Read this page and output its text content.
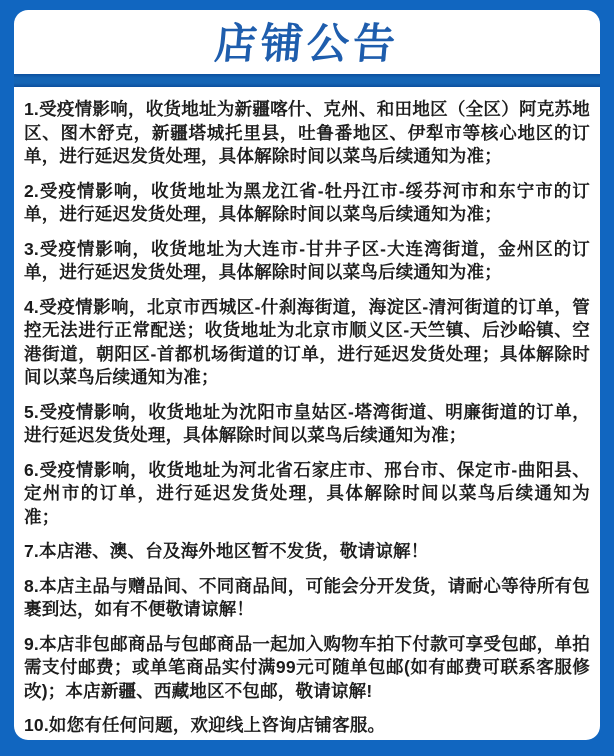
店铺公告

1.受疫情影响，收货地址为新疆喀什、克州、和田地区（全区）阿克苏地区、图木舒克，新疆塔城托里县，吐鲁番地区、伊犁市等核心地区的订单，进行延迟发货处理，具体解除时间以菜鸟后续通知为准；

2.受疫情影响，收货地址为黑龙江省-牡丹江市-绥芬河市和东宁市的订单，进行延迟发货处理，具体解除时间以菜鸟后续通知为准；

3.受疫情影响，收货地址为大连市-甘井子区-大连湾街道，金州区的订单，进行延迟发货处理，具体解除时间以菜鸟后续通知为准；

4.受疫情影响，北京市西城区-什刹海街道，海淀区-清河街道的订单，管控无法进行正常配送；收货地址为北京市顺义区-天竺镇、后沙峪镇、空港街道，朝阳区-首都机场街道的订单，进行延迟发货处理；具体解除时间以菜鸟后续通知为准；

5.受疫情影响，收货地址为沈阳市皇姑区-塔湾街道、明廉街道的订单，进行延迟发货处理，具体解除时间以菜鸟后续通知为准；

6.受疫情影响，收货地址为河北省石家庄市、邢台市、保定市-曲阳县、定州市的订单，进行延迟发货处理，具体解除时间以菜鸟后续通知为准；

7.本店港、澳、台及海外地区暂不发货，敬请谅解！

8.本店主品与赠品间、不同商品间，可能会分开发货，请耐心等待所有包裹到达，如有不便敬请谅解！

9.本店非包邮商品与包邮商品一起加入购物车拍下付款可享受包邮，单拍需支付邮费；或单笔商品实付满99元可随单包邮(如有邮费可联系客服修改)；本店新疆、西藏地区不包邮，敬请谅解!

10.如您有任何问题，欢迎线上咨询店铺客服。
